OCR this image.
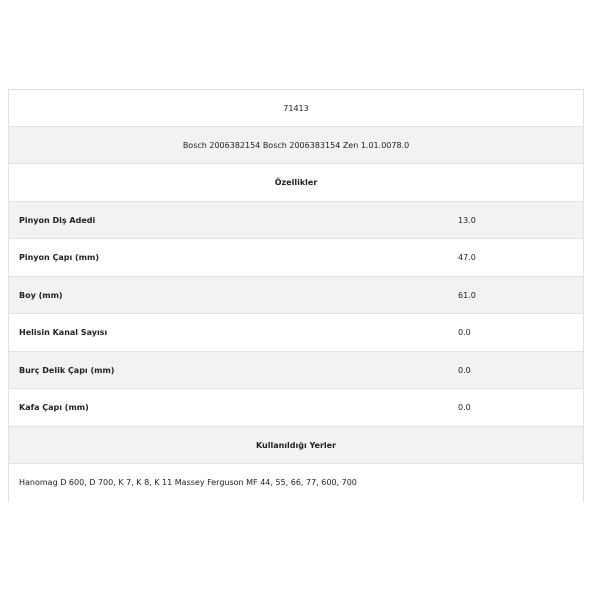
71413
Bosch 2006382154 Bosch 2006383154 Zen 1.01.0078.0
Özellikler
Pinyon Diş Adedi	13.0
Pinyon Çapı (mm)	47.0
Boy (mm)	61.0
Helisin Kanal Sayısı	0.0
Burç Delik Çapı (mm)	0.0
Kafa Çapı (mm)	0.0
Kullanıldığı Yerler
Hanomag D 600, D 700, K 7, K 8, K 11 Massey Ferguson MF 44, 55, 66, 77, 600, 700
